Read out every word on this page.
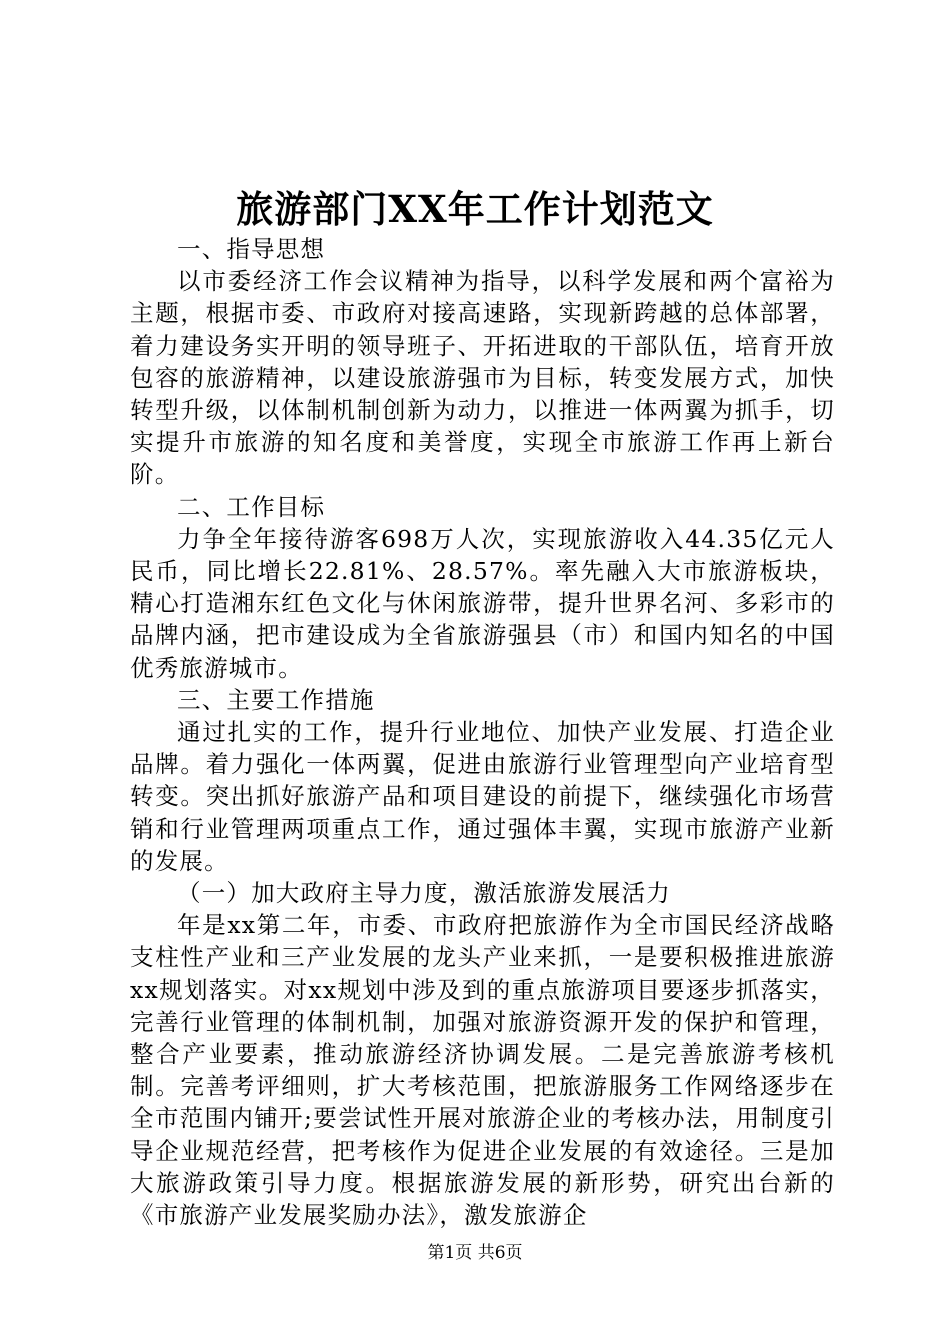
旅游部门XX年工作计划范文

一、指导思想

以市委经济工作会议精神为指导，以科学发展和两个富裕为主题，根据市委、市政府对接高速路，实现新跨越的总体部署，着力建设务实开明的领导班子、开拓进取的干部队伍，培育开放包容的旅游精神，以建设旅游强市为目标，转变发展方式，加快转型升级，以体制机制创新为动力，以推进一体两翼为抓手，切实提升市旅游的知名度和美誉度，实现全市旅游工作再上新台阶。

二、工作目标

力争全年接待游客698万人次，实现旅游收入44.35亿元人民币，同比增长22.81%、28.57%。率先融入大市旅游板块，精心打造湘东红色文化与休闲旅游带，提升世界名河、多彩市的品牌内涵，把市建设成为全省旅游强县（市）和国内知名的中国优秀旅游城市。

三、主要工作措施

通过扎实的工作，提升行业地位、加快产业发展、打造企业品牌。着力强化一体两翼，促进由旅游行业管理型向产业培育型转变。突出抓好旅游产品和项目建设的前提下，继续强化市场营销和行业管理两项重点工作，通过强体丰翼，实现市旅游产业新的发展。

（一）加大政府主导力度，激活旅游发展活力

年是xx第二年，市委、市政府把旅游作为全市国民经济战略支柱性产业和三产业发展的龙头产业来抓，一是要积极推进旅游xx规划落实。对xx规划中涉及到的重点旅游项目要逐步抓落实，完善行业管理的体制机制，加强对旅游资源开发的保护和管理，整合产业要素，推动旅游经济协调发展。二是完善旅游考核机制。完善考评细则，扩大考核范围，把旅游服务工作网络逐步在全市范围内铺开;要尝试性开展对旅游企业的考核办法，用制度引导企业规范经营，把考核作为促进企业发展的有效途径。三是加大旅游政策引导力度。根据旅游发展的新形势，研究出台新的《市旅游产业发展奖励办法》，激发旅游企

第1页 共6页
